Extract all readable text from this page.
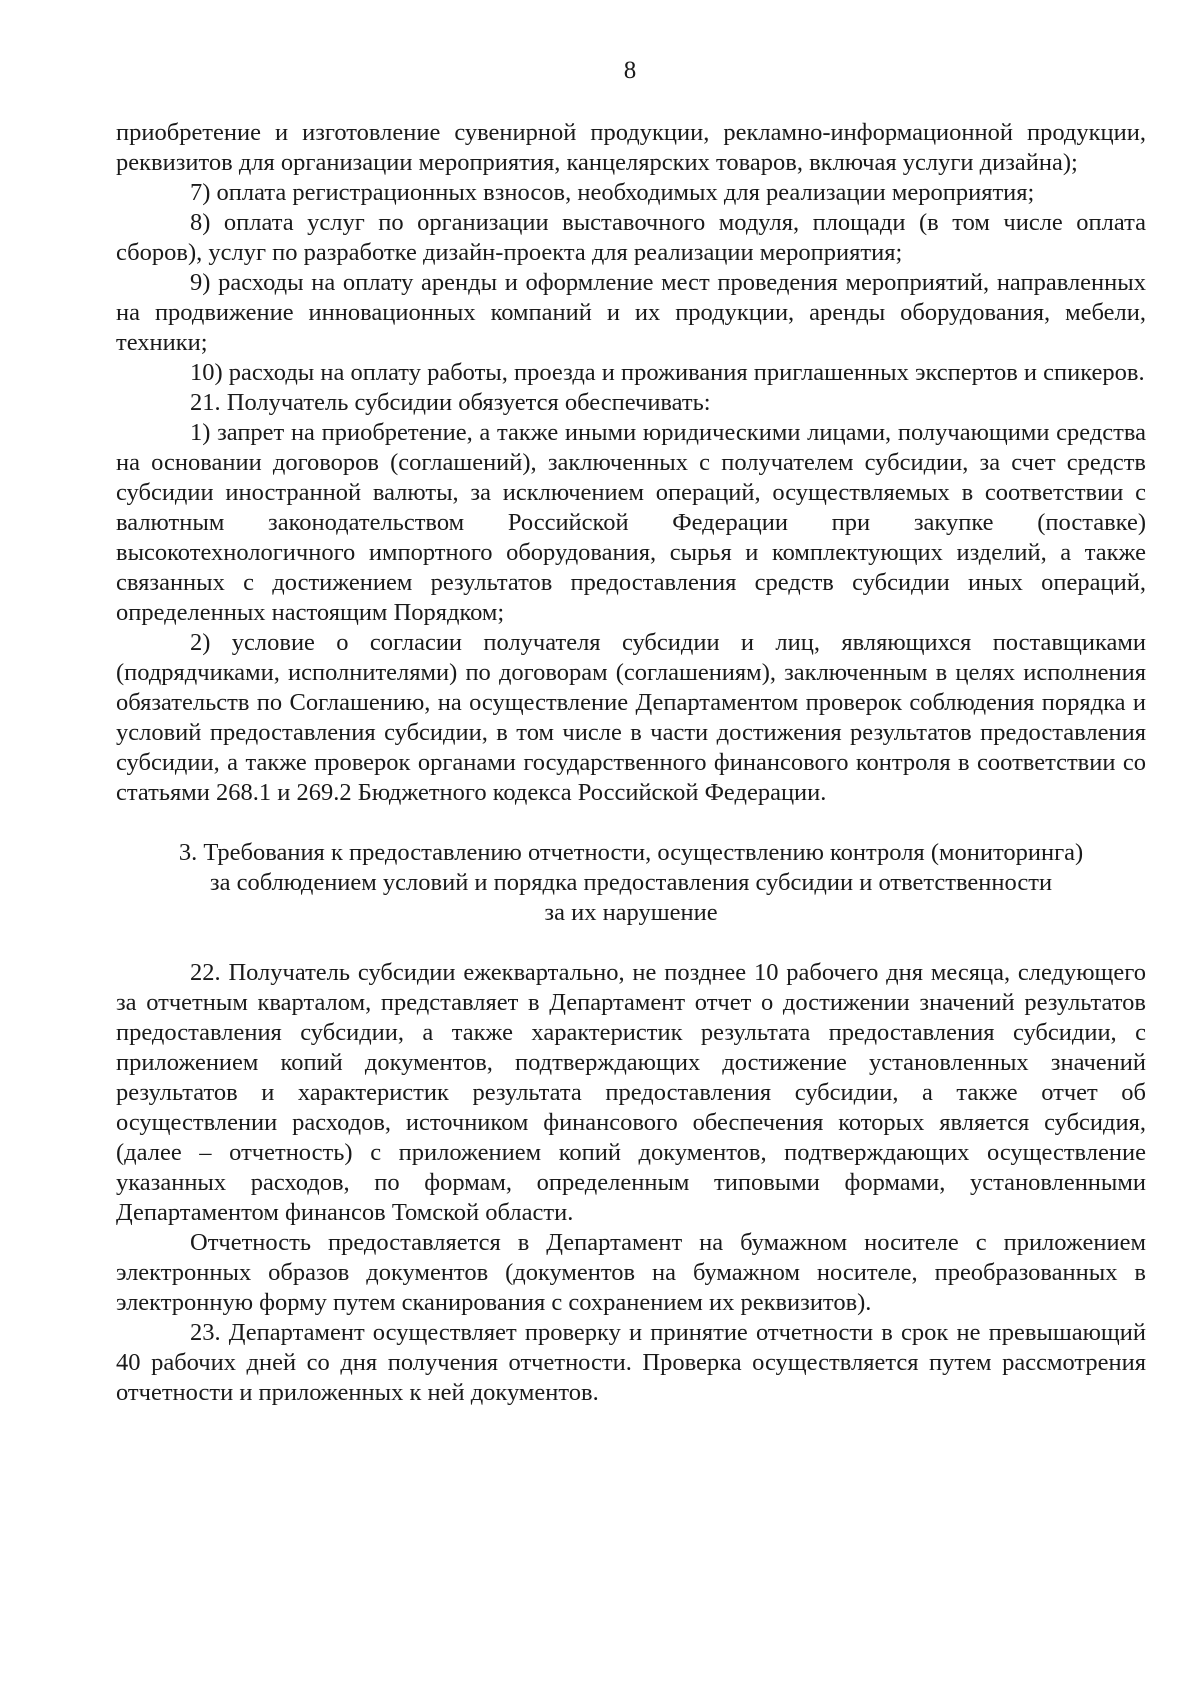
8

приобретение и изготовление сувенирной продукции, рекламно-информационной продукции, реквизитов для организации мероприятия, канцелярских товаров, включая услуги дизайна);

7) оплата регистрационных взносов, необходимых для реализации мероприятия;

8) оплата услуг по организации выставочного модуля, площади (в том числе оплата сборов), услуг по разработке дизайн-проекта для реализации мероприятия;

9) расходы на оплату аренды и оформление мест проведения мероприятий, направленных на продвижение инновационных компаний и их продукции, аренды оборудования, мебели, техники;

10) расходы на оплату работы, проезда и проживания приглашенных экспертов и спикеров.

21. Получатель субсидии обязуется обеспечивать:

1) запрет на приобретение, а также иными юридическими лицами, получающими средства на основании договоров (соглашений), заключенных с получателем субсидии, за счет средств субсидии иностранной валюты, за исключением операций, осуществляемых в соответствии с валютным законодательством Российской Федерации при закупке (поставке) высокотехнологичного импортного оборудования, сырья и комплектующих изделий, а также связанных с достижением результатов предоставления средств субсидии иных операций, определенных настоящим Порядком;

2) условие о согласии получателя субсидии и лиц, являющихся поставщиками (подрядчиками, исполнителями) по договорам (соглашениям), заключенным в целях исполнения обязательств по Соглашению, на осуществление Департаментом проверок соблюдения порядка и условий предоставления субсидии, в том числе в части достижения результатов предоставления субсидии, а также проверок органами государственного финансового контроля в соответствии со статьями 268.1 и 269.2 Бюджетного кодекса Российской Федерации.

3. Требования к предоставлению отчетности, осуществлению контроля (мониторинга)
за соблюдением условий и порядка предоставления субсидии и ответственности
за их нарушение

22. Получатель субсидии ежеквартально, не позднее 10 рабочего дня месяца, следующего за отчетным кварталом, представляет в Департамент отчет о достижении значений результатов предоставления субсидии, а также характеристик результата предоставления субсидии, с приложением копий документов, подтверждающих достижение установленных значений результатов и характеристик результата предоставления субсидии, а также отчет об осуществлении расходов, источником финансового обеспечения которых является субсидия, (далее – отчетность) с приложением копий документов, подтверждающих осуществление указанных расходов, по формам, определенным типовыми формами, установленными Департаментом финансов Томской области.

Отчетность предоставляется в Департамент на бумажном носителе с приложением электронных образов документов (документов на бумажном носителе, преобразованных в электронную форму путем сканирования с сохранением их реквизитов).

23. Департамент осуществляет проверку и принятие отчетности в срок не превышающий 40 рабочих дней со дня получения отчетности. Проверка осуществляется путем рассмотрения отчетности и приложенных к ней документов.
